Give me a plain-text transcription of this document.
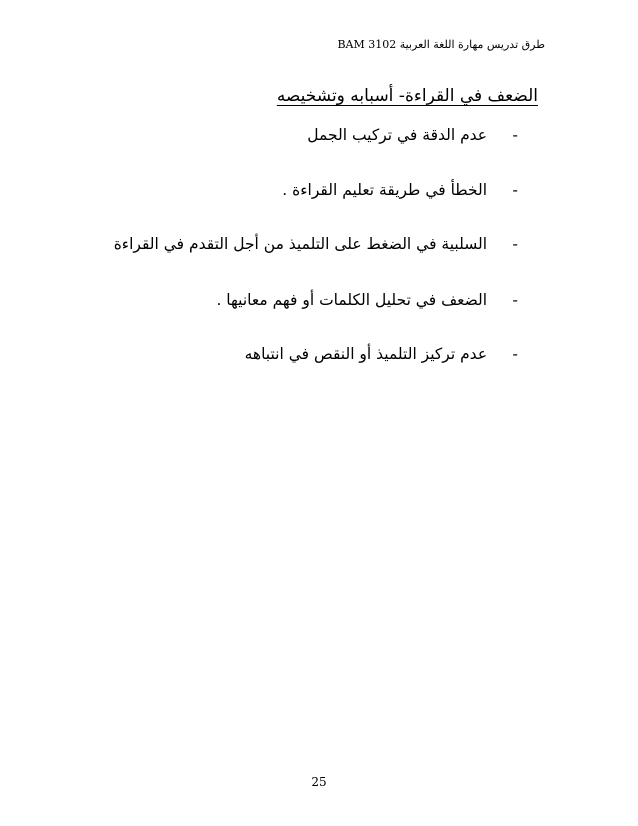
طرق تدريس مهارة اللغة العربية BAM 3102
الضعف في القراءة- أسبابه وتشخيصه
- عدم الدقة في تركيب الجمل
- الخطأ في طريقة تعليم القراءة .
- السلبية في الضغط على التلميذ من أجل التقدم في القراءة
- الضعف في تحليل الكلمات أو فهم معانيها .
- عدم تركيز التلميذ أو النقص في انتباهه
25
